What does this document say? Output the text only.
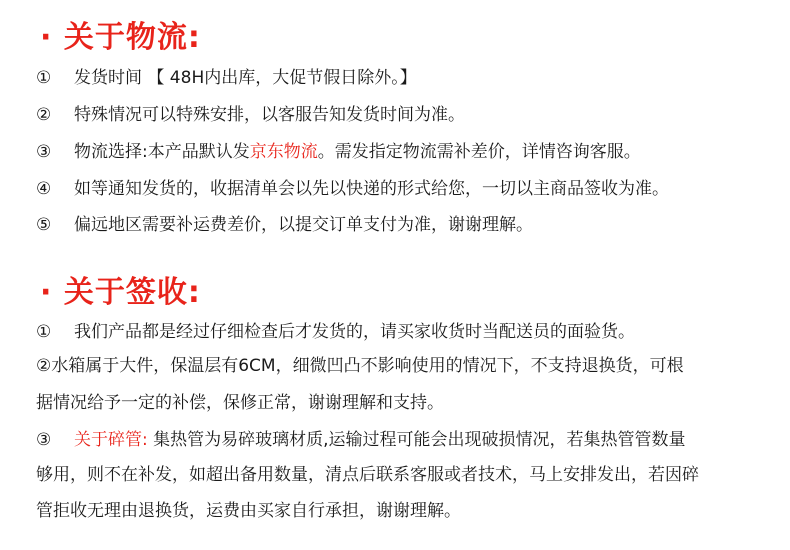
· 关于物流:
① 发货时间 【 48H内出库，大促节假日除外。】
② 特殊情况可以特殊安排，以客服告知发货时间为准。
③ 物流选择:本产品默认发京东物流。需发指定物流需补差价，详情咨询客服。
④ 如等通知发货的，收据清单会以先以快递的形式给您，一切以主商品签收为准。
⑤ 偏远地区需要补运费差价，以提交订单支付为准，谢谢理解。
· 关于签收:
① 我们产品都是经过仔细检查后才发货的，请买家收货时当配送员的面验货。
②水箱属于大件，保温层有6CM，细微凹凸不影响使用的情况下，不支持退换货，可根
据情况给予一定的补偿，保修正常，谢谢理解和支持。
③ 关于碎管: 集热管为易碎玻璃材质,运输过程可能会出现破损情况，若集热管管数量
够用，则不在补发，如超出备用数量，清点后联系客服或者技术，马上安排发出，若因碎
管拒收无理由退换货，运费由买家自行承担，谢谢理解。
